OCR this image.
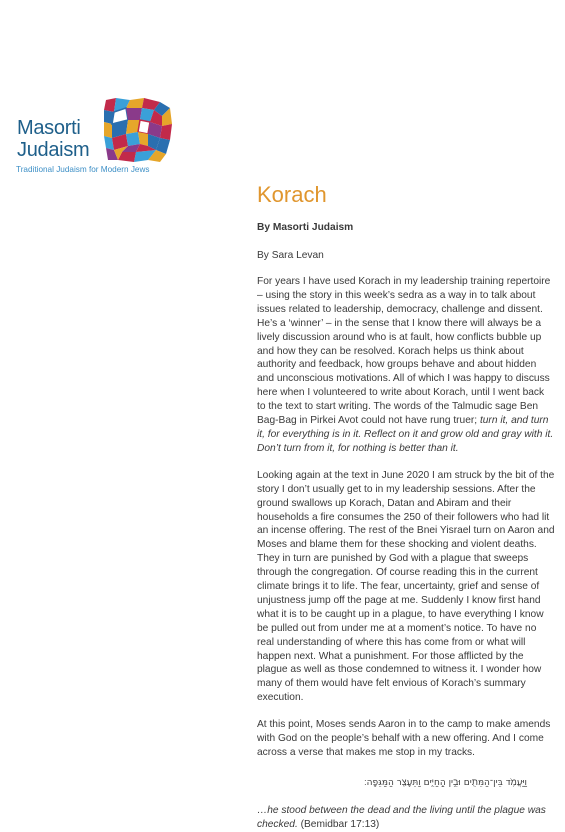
Masorti
Judaism
Traditional Judaism for Modern Jews
Korach
By Masorti Judaism
By Sara Levan

For years I have used Korach in my leadership training repertoire – using the story in this week’s sedra as a way in to talk about issues related to leadership, democracy, challenge and dissent. He’s a ‘winner’ – in the sense that I know there will always be a lively discussion around who is at fault, how conflicts bubble up and how they can be resolved. Korach helps us think about authority and feedback, how groups behave and about hidden and unconscious motivations. All of which I was happy to discuss here when I volunteered to write about Korach, until I went back to the text to start writing. The words of the Talmudic sage Ben Bag-Bag in Pirkei Avot could not have rung truer; turn it, and turn it, for everything is in it. Reflect on it and grow old and gray with it. Don’t turn from it, for nothing is better than it.

Looking again at the text in June 2020 I am struck by the bit of the story I don’t usually get to in my leadership sessions. After the ground swallows up Korach, Datan and Abiram and their households a fire consumes the 250 of their followers who had lit an incense offering. The rest of the Bnei Yisrael turn on Aaron and Moses and blame them for these shocking and violent deaths. They in turn are punished by God with a plague that sweeps through the congregation. Of course reading this in the current climate brings it to life. The fear, uncertainty, grief and sense of unjustness jump off the page at me. Suddenly I know first hand what it is to be caught up in a plague, to have everything I know be pulled out from under me at a moment’s notice. To have no real understanding of where this has come from or what will happen next. What a punishment. For those afflicted by the plague as well as those condemned to witness it. I wonder how many of them would have felt envious of Korach’s summary execution.

At this point, Moses sends Aaron in to the camp to make amends with God on the people’s behalf with a new offering. And I come across a verse that makes me stop in my tracks.

וַיַּעֲמֹ֥ד בֵּין־הַמֵּתִ֖ים וּבֵ֣ין הַֽחַיִּ֑ים וַתֵּעָצַ֖ר הַמַּגֵּפָֽה׃
…he stood between the dead and the living until the plague was checked. (Bemidbar 17:13)
